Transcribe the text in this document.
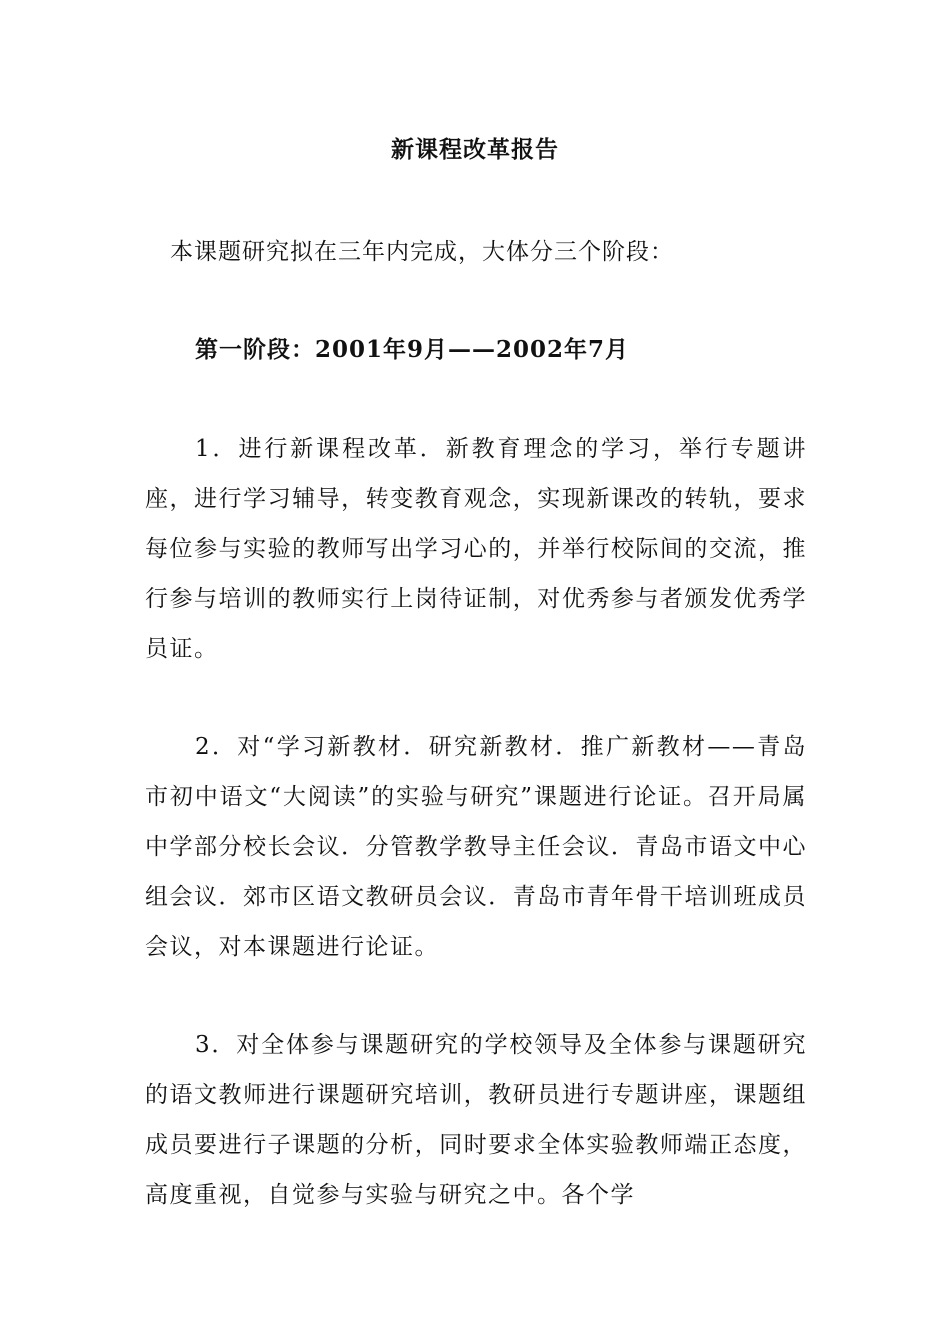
新课程改革报告
本课题研究拟在三年内完成，大体分三个阶段：
第一阶段：2001年9月——2002年7月
1．进行新课程改革．新教育理念的学习，举行专题讲座，进行学习辅导，转变教育观念，实现新课改的转轨，要求每位参与实验的教师写出学习心的，并举行校际间的交流，推行参与培训的教师实行上岗待证制，对优秀参与者颁发优秀学员证。
2．对“学习新教材．研究新教材．推广新教材——青岛市初中语文“大阅读”的实验与研究”课题进行论证。召开局属中学部分校长会议．分管教学教导主任会议．青岛市语文中心组会议．郊市区语文教研员会议．青岛市青年骨干培训班成员会议，对本课题进行论证。
3．对全体参与课题研究的学校领导及全体参与课题研究的语文教师进行课题研究培训，教研员进行专题讲座，课题组成员要进行子课题的分析，同时要求全体实验教师端正态度，高度重视，自觉参与实验与研究之中。各个学
